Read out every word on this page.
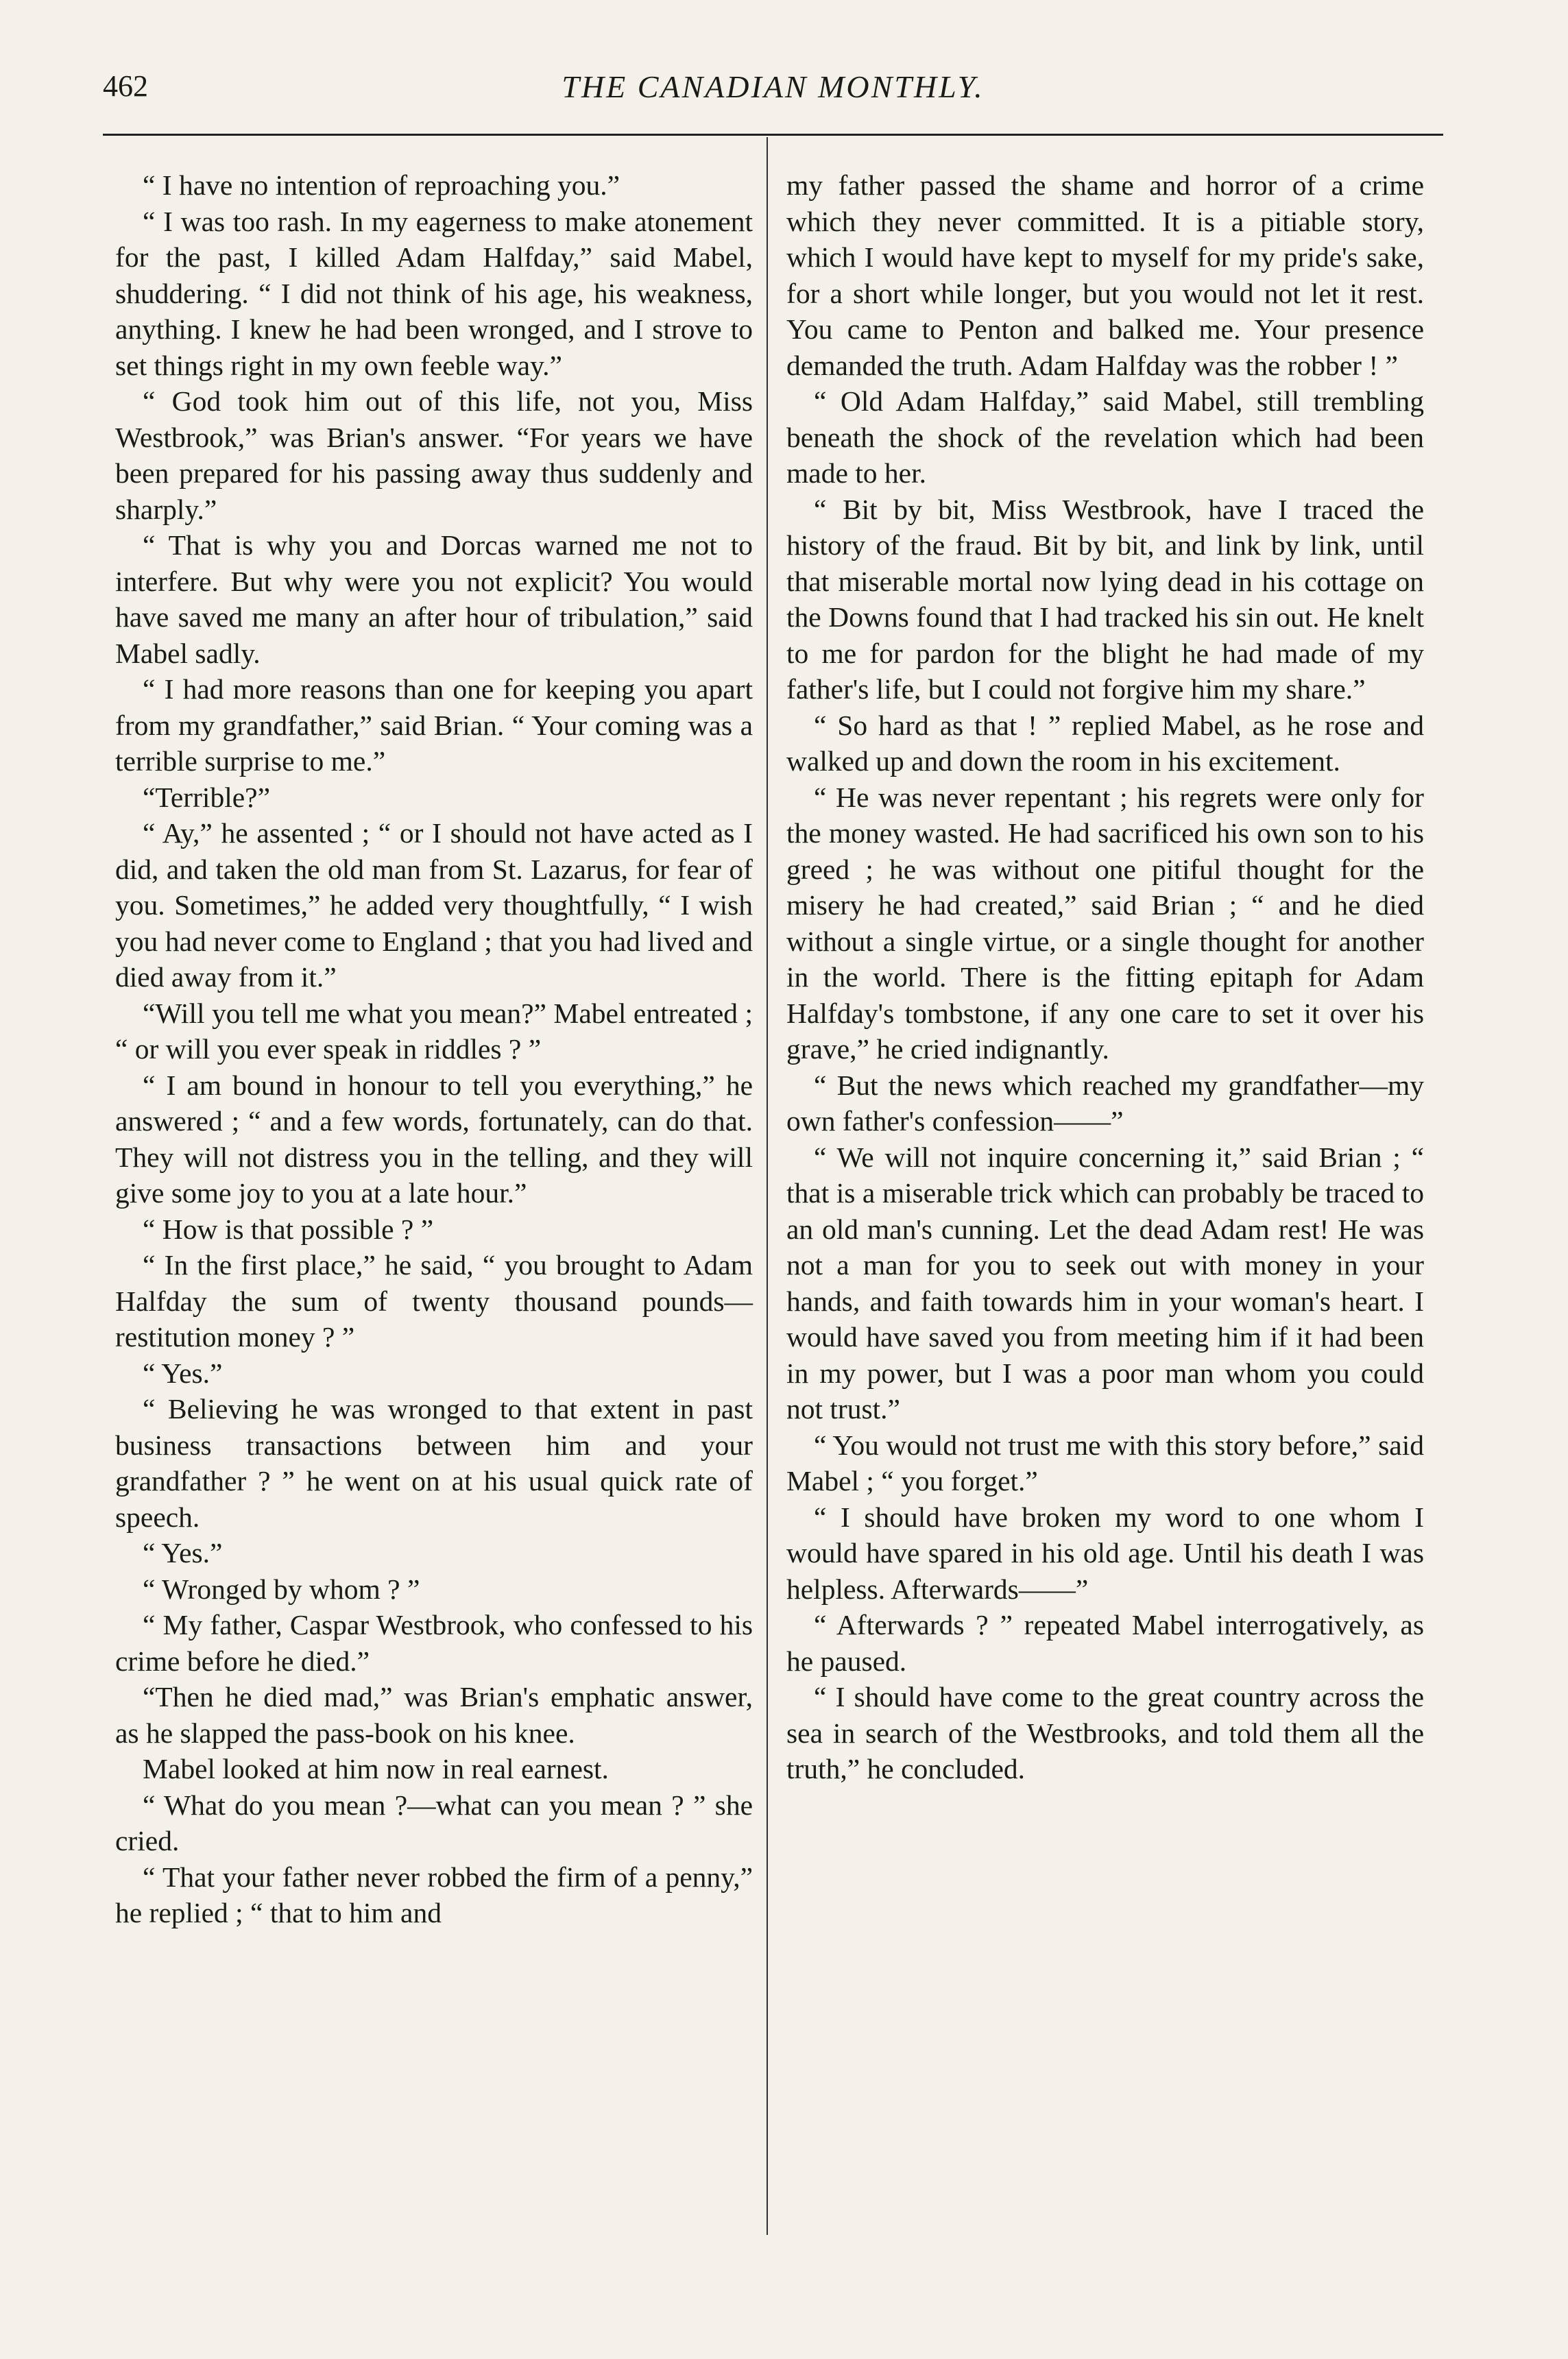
462	THE CANADIAN MONTHLY.

“ I have no intention of reproaching you.”

“ I was too rash. In my eagerness to make atonement for the past, I killed Adam Halfday,” said Mabel, shuddering. “ I did not think of his age, his weakness, anything. I knew he had been wronged, and I strove to set things right in my own feeble way.”

“ God took him out of this life, not you, Miss Westbrook,” was Brian's answer. “For years we have been prepared for his passing away thus suddenly and sharply.”

“ That is why you and Dorcas warned me not to interfere. But why were you not explicit? You would have saved me many an after hour of tribulation,” said Mabel sadly.

“ I had more reasons than one for keeping you apart from my grandfather,” said Brian. “ Your coming was a terrible surprise to me.”

“Terrible?”

“ Ay,” he assented ; “ or I should not have acted as I did, and taken the old man from St. Lazarus, for fear of you. Sometimes,” he added very thoughtfully, “ I wish you had never come to England ; that you had lived and died away from it.”

“Will you tell me what you mean?” Mabel entreated ; “ or will you ever speak in riddles ? ”

“ I am bound in honour to tell you everything,” he answered ; “ and a few words, fortunately, can do that. They will not distress you in the telling, and they will give some joy to you at a late hour.”

“ How is that possible ? ”

“ In the first place,” he said, “ you brought to Adam Halfday the sum of twenty thousand pounds—restitution money ? ”

“ Yes.”

“ Believing he was wronged to that extent in past business transactions between him and your grandfather ? ” he went on at his usual quick rate of speech.

“ Yes.”

“ Wronged by whom ? ”

“ My father, Caspar Westbrook, who confessed to his crime before he died.”

“Then he died mad,” was Brian's emphatic answer, as he slapped the pass-book on his knee.

Mabel looked at him now in real earnest.

“ What do you mean ?—what can you mean ? ” she cried.

“ That your father never robbed the firm of a penny,” he replied ; “ that to him and

my father passed the shame and horror of a crime which they never committed. It is a pitiable story, which I would have kept to myself for my pride's sake, for a short while longer, but you would not let it rest. You came to Penton and balked me. Your presence demanded the truth. Adam Halfday was the robber ! ”

“ Old Adam Halfday,” said Mabel, still trembling beneath the shock of the revelation which had been made to her.

“ Bit by bit, Miss Westbrook, have I traced the history of the fraud. Bit by bit, and link by link, until that miserable mortal now lying dead in his cottage on the Downs found that I had tracked his sin out. He knelt to me for pardon for the blight he had made of my father's life, but I could not forgive him my share.”

“ So hard as that ! ” replied Mabel, as he rose and walked up and down the room in his excitement.

“ He was never repentant ; his regrets were only for the money wasted. He had sacrificed his own son to his greed ; he was without one pitiful thought for the misery he had created,” said Brian ; “ and he died without a single virtue, or a single thought for another in the world. There is the fitting epitaph for Adam Halfday's tombstone, if any one care to set it over his grave,” he cried indignantly.

“ But the news which reached my grandfather—my own father's confession——”

“ We will not inquire concerning it,” said Brian ; “ that is a miserable trick which can probably be traced to an old man's cunning. Let the dead Adam rest! He was not a man for you to seek out with money in your hands, and faith towards him in your woman's heart. I would have saved you from meeting him if it had been in my power, but I was a poor man whom you could not trust.”

“ You would not trust me with this story before,” said Mabel ; “ you forget.”

“ I should have broken my word to one whom I would have spared in his old age. Until his death I was helpless. Afterwards——”

“ Afterwards ? ” repeated Mabel interrogatively, as he paused.

“ I should have come to the great country across the sea in search of the Westbrooks, and told them all the truth,” he concluded.
